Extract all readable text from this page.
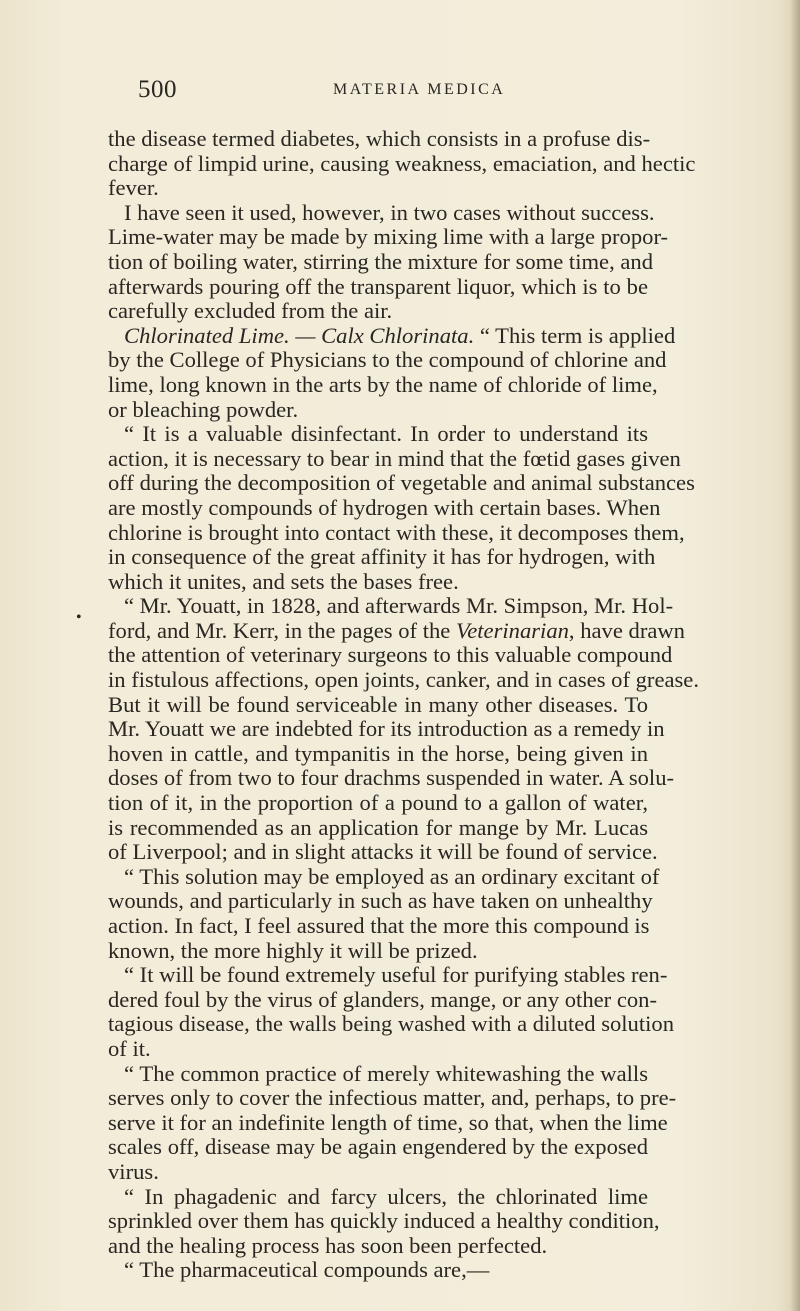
500	MATERIA MEDICA
•
the disease termed diabetes, which consists in a profuse dis-
charge of limpid urine, causing weakness, emaciation, and hectic
fever.
I have seen it used, however, in two cases without success.
Lime-water may be made by mixing lime with a large propor-
tion of boiling water, stirring the mixture for some time, and
afterwards pouring off the transparent liquor, which is to be
carefully excluded from the air.
Chlorinated Lime. — Calx Chlorinata. “ This term is applied
by the College of Physicians to the compound of chlorine and
lime, long known in the arts by the name of chloride of lime,
or bleaching powder.
“ It is a valuable disinfectant. In order to understand its
action, it is necessary to bear in mind that the fœtid gases given
off during the decomposition of vegetable and animal substances
are mostly compounds of hydrogen with certain bases. When
chlorine is brought into contact with these, it decomposes them,
in consequence of the great affinity it has for hydrogen, with
which it unites, and sets the bases free.
“ Mr. Youatt, in 1828, and afterwards Mr. Simpson, Mr. Hol-
ford, and Mr. Kerr, in the pages of the Veterinarian, have drawn
the attention of veterinary surgeons to this valuable compound
in fistulous affections, open joints, canker, and in cases of grease.
But it will be found serviceable in many other diseases. To
Mr. Youatt we are indebted for its introduction as a remedy in
hoven in cattle, and tympanitis in the horse, being given in
doses of from two to four drachms suspended in water. A solu-
tion of it, in the proportion of a pound to a gallon of water,
is recommended as an application for mange by Mr. Lucas
of Liverpool; and in slight attacks it will be found of service.
“ This solution may be employed as an ordinary excitant of
wounds, and particularly in such as have taken on unhealthy
action. In fact, I feel assured that the more this compound is
known, the more highly it will be prized.
“ It will be found extremely useful for purifying stables ren-
dered foul by the virus of glanders, mange, or any other con-
tagious disease, the walls being washed with a diluted solution
of it.
“ The common practice of merely whitewashing the walls
serves only to cover the infectious matter, and, perhaps, to pre-
serve it for an indefinite length of time, so that, when the lime
scales off, disease may be again engendered by the exposed
virus.
“ In phagadenic and farcy ulcers, the chlorinated lime
sprinkled over them has quickly induced a healthy condition,
and the healing process has soon been perfected.
“ The pharmaceutical compounds are,—
